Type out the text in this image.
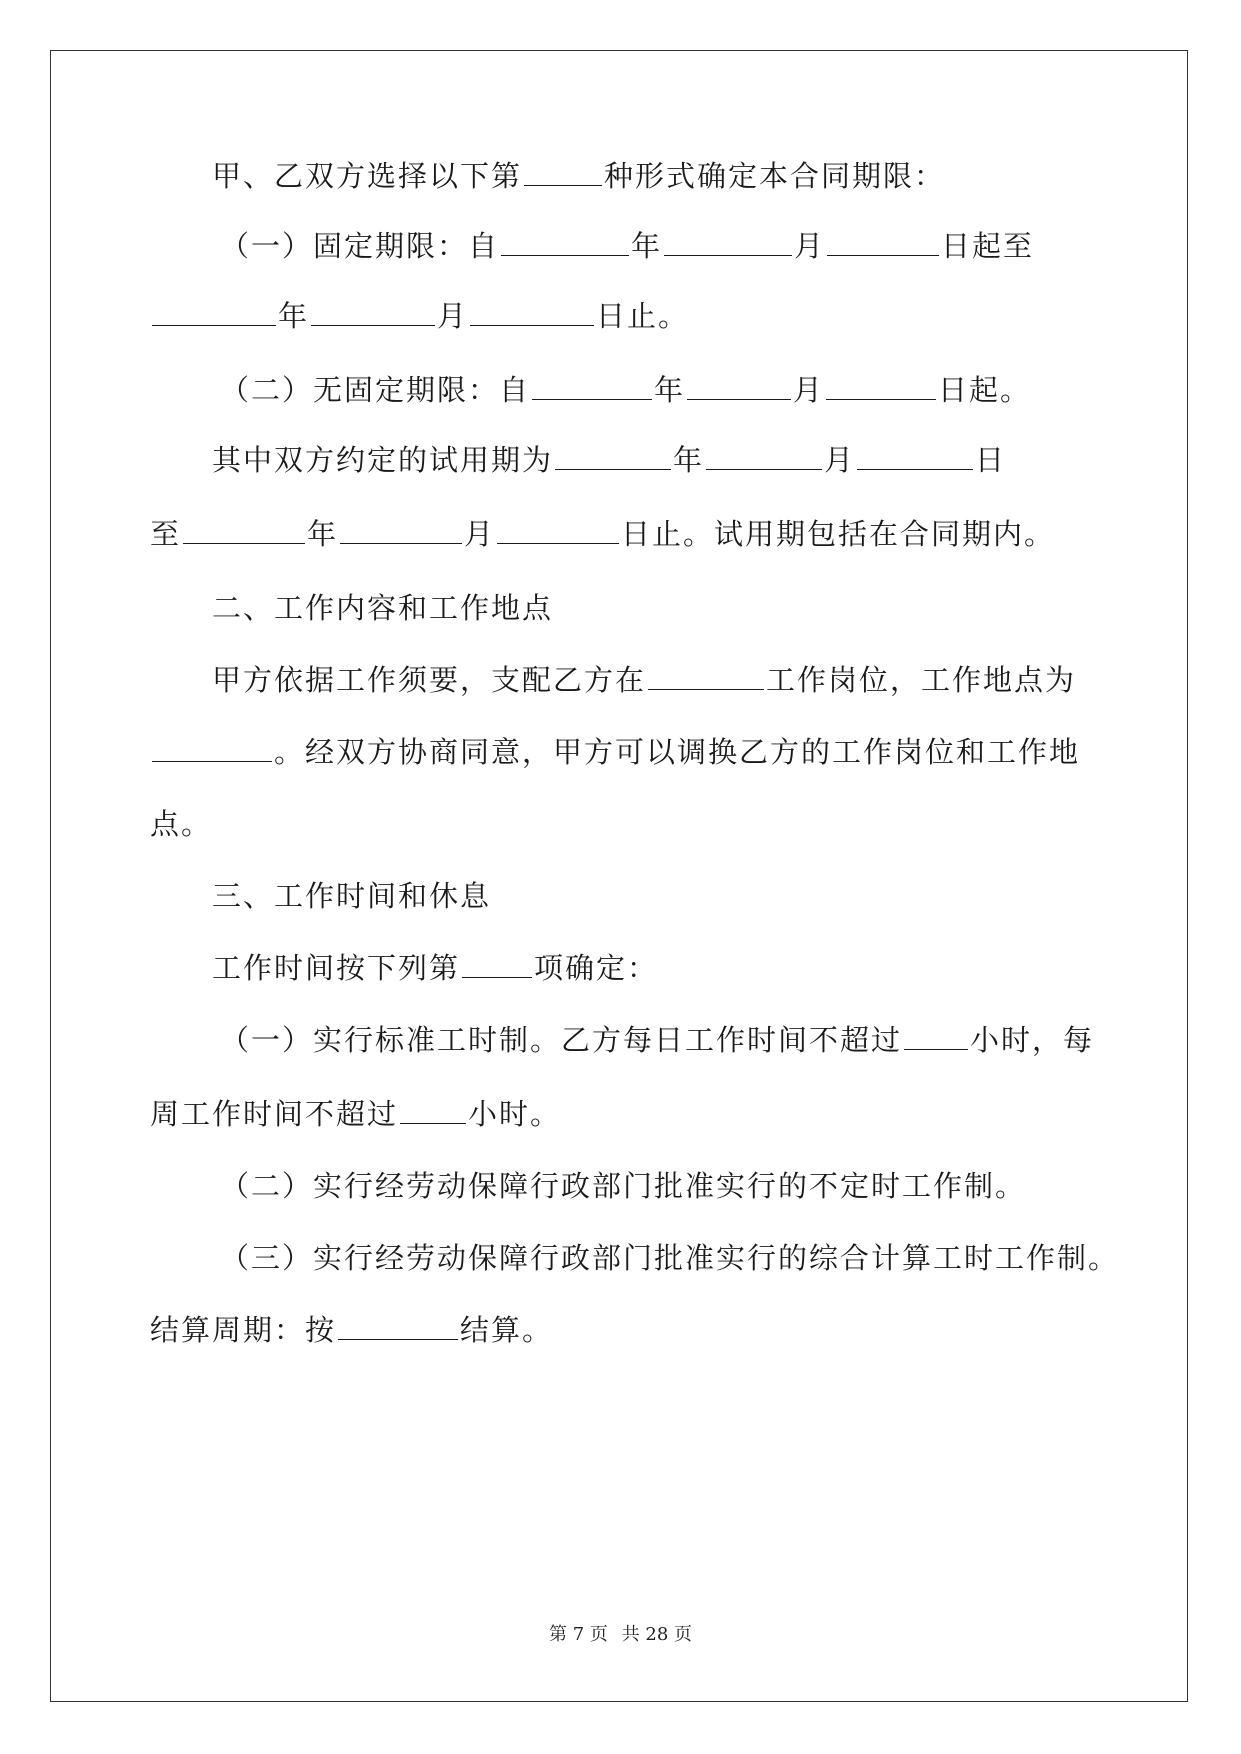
甲、乙双方选择以下第	种形式确定本合同期限：
（一）固定期限：自	年	月	日起至
年	月	日止。
（二）无固定期限：自	年	月	日起。
其中双方约定的试用期为	年	月	日
至	年	月	日止。试用期包括在合同期内。
二、工作内容和工作地点
甲方依据工作须要，支配乙方在	工作岗位，工作地点为
。经双方协商同意，甲方可以调换乙方的工作岗位和工作地
点。
三、工作时间和休息
工作时间按下列第	项确定：
（一）实行标准工时制。乙方每日工作时间不超过 小时，每
周工作时间不超过 小时。
（二）实行经劳动保障行政部门批准实行的不定时工作制。
（三）实行经劳动保障行政部门批准实行的综合计算工时工作制。
结算周期：按	结算。
第 7 页 共 28 页
